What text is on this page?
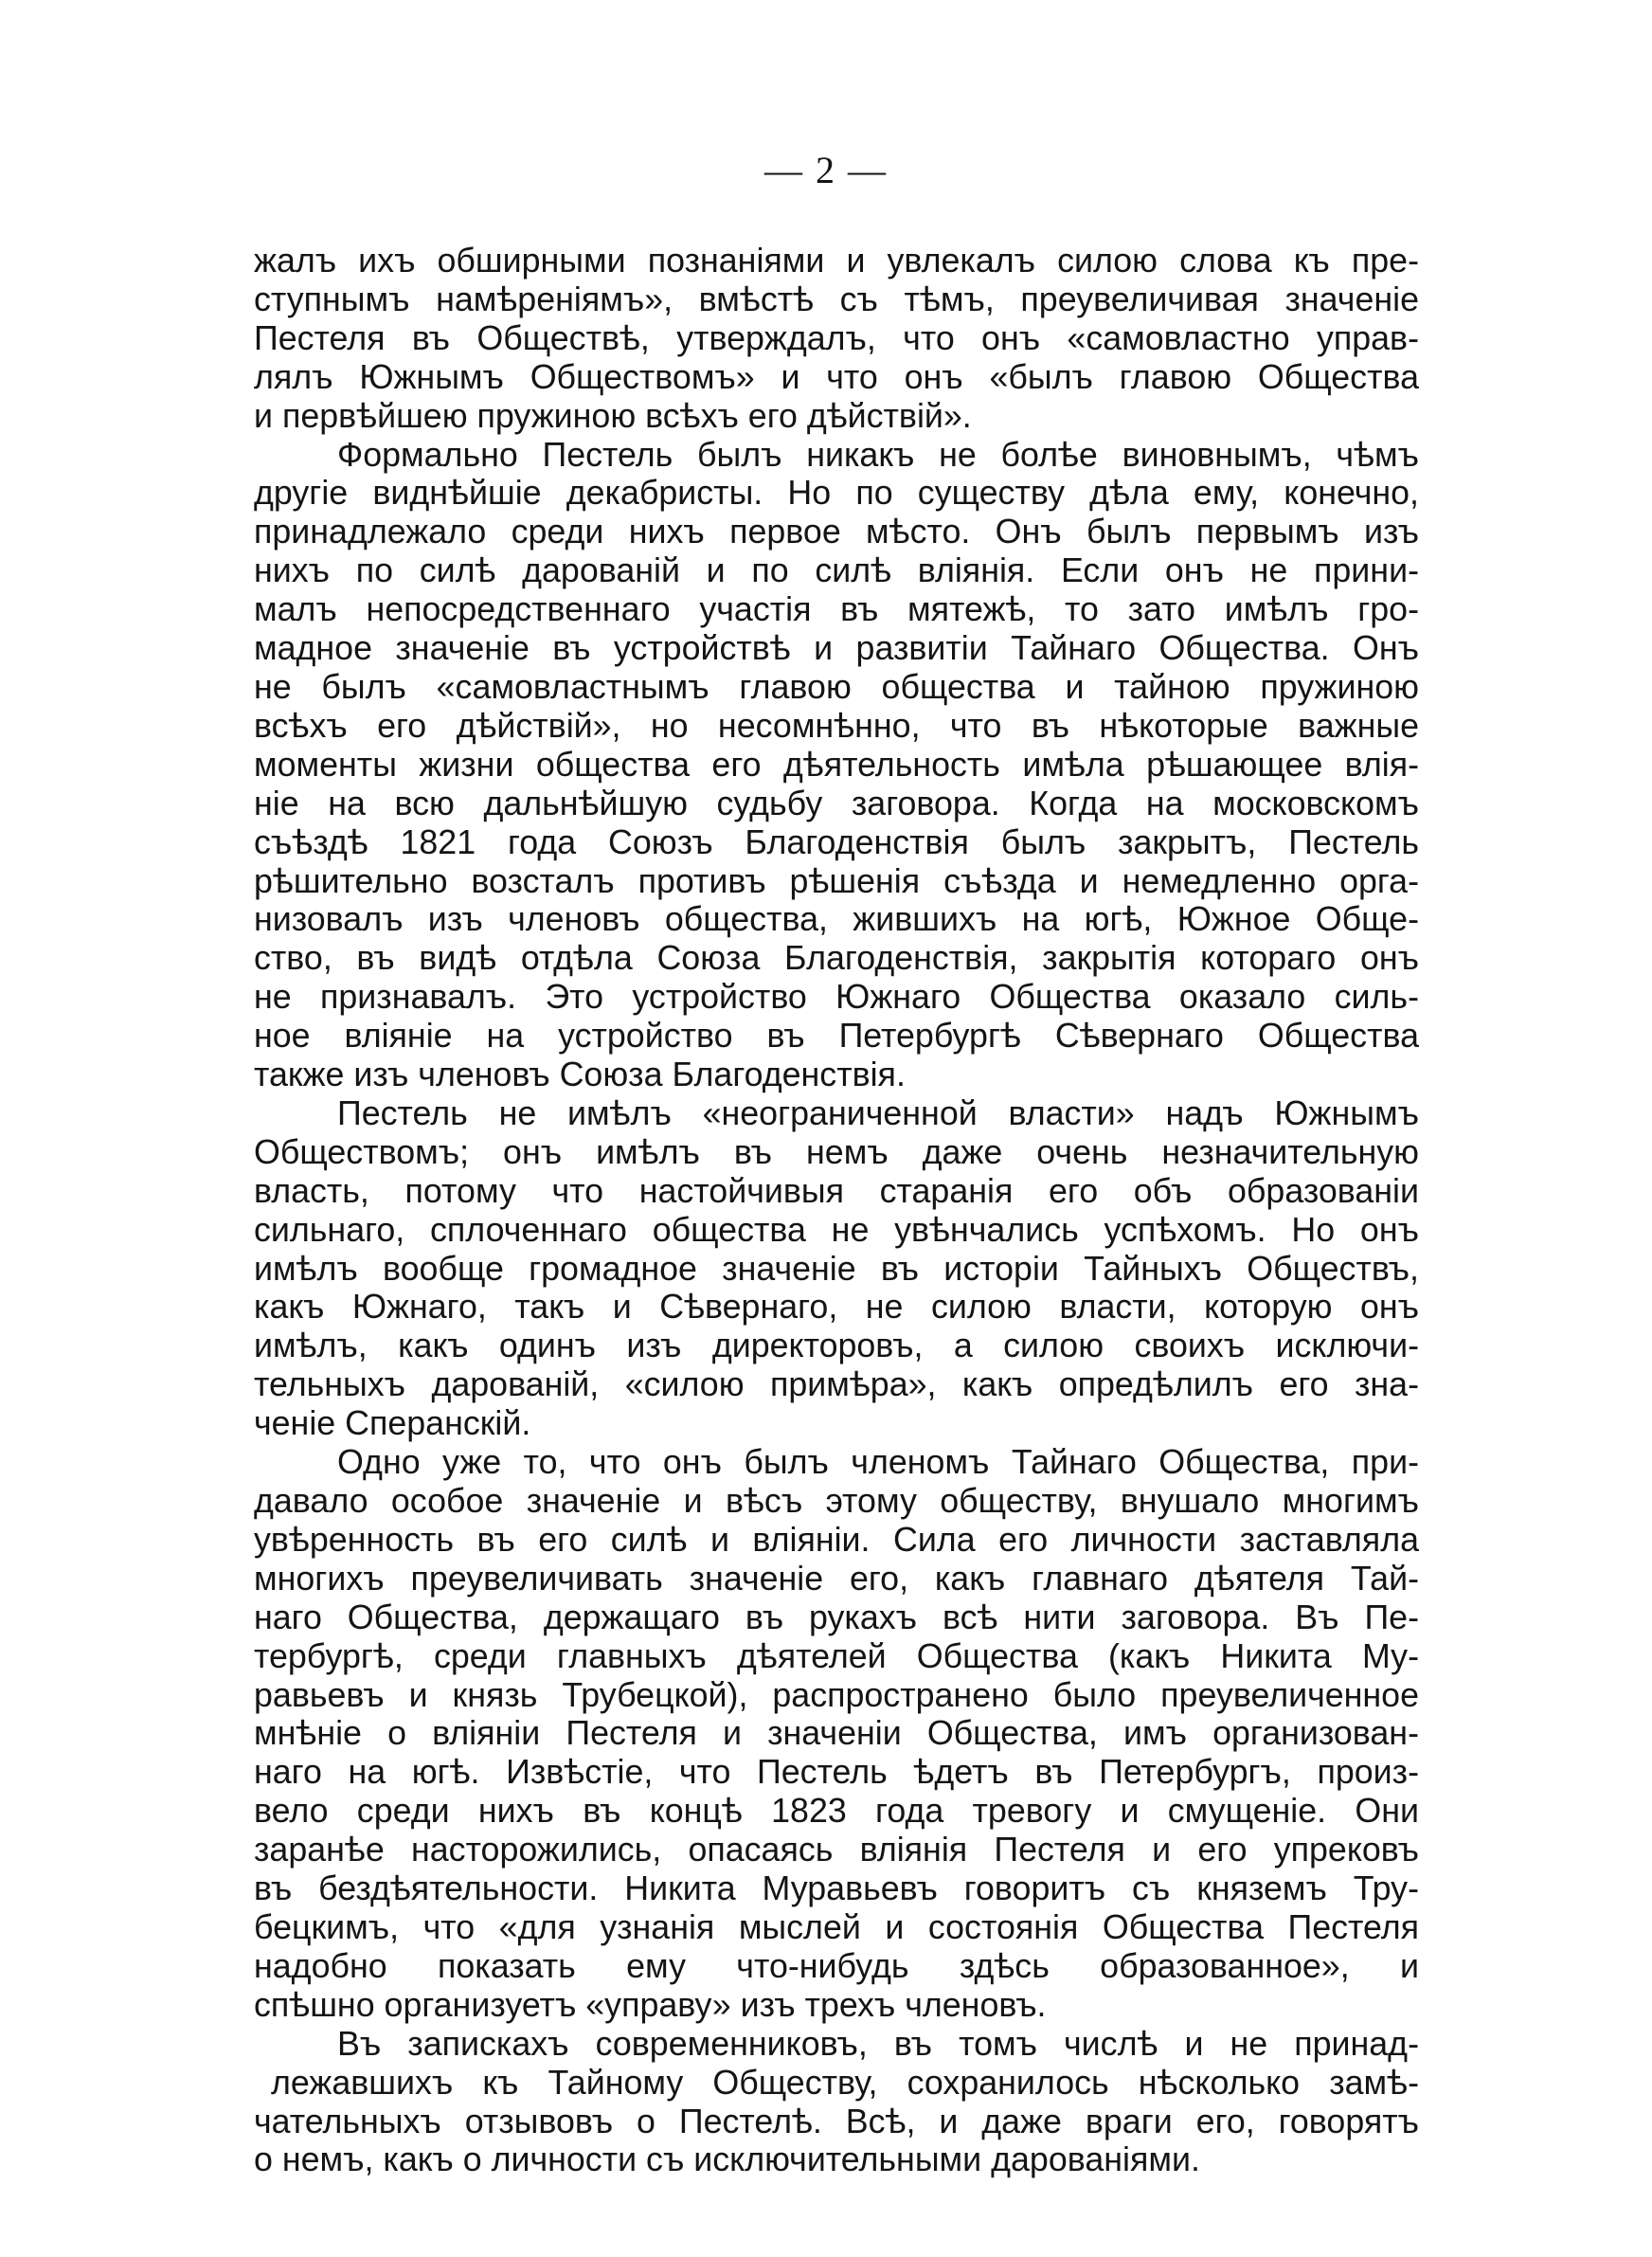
— 2 —
жалъ ихъ обширными познаніями и увлекалъ силою слова къ пре-
ступнымъ намѣреніямъ», вмѣстѣ съ тѣмъ, преувеличивая значеніе
Пестеля въ Обществѣ, утверждалъ, что онъ «самовластно управ-
лялъ Южнымъ Обществомъ» и что онъ «былъ главою Общества
и первѣйшею пружиною всѣхъ его дѣйствій».
Формально Пестель былъ никакъ не болѣе виновнымъ, чѣмъ
другіе виднѣйшіе декабристы. Но по существу дѣла ему, конечно,
принадлежало среди нихъ первое мѣсто. Онъ былъ первымъ изъ
нихъ по силѣ дарованій и по силѣ вліянія. Если онъ не прини-
малъ непосредственнаго участія въ мятежѣ, то зато имѣлъ гро-
мадное значеніе въ устройствѣ и развитіи Тайнаго Общества. Онъ
не былъ «самовластнымъ главою общества и тайною пружиною
всѣхъ его дѣйствій», но несомнѣнно, что въ нѣкоторые важные
моменты жизни общества его дѣятельность имѣла рѣшающее влія-
ніе на всю дальнѣйшую судьбу заговора. Когда на московскомъ
съѣздѣ 1821 года Союзъ Благоденствія былъ закрытъ, Пестель
рѣшительно возсталъ противъ рѣшенія съѣзда и немедленно орга-
низовалъ изъ членовъ общества, жившихъ на югѣ, Южное Обще-
ство, въ видѣ отдѣла Союза Благоденствія, закрытія котораго онъ
не признавалъ. Это устройство Южнаго Общества оказало силь-
ное вліяніе на устройство въ Петербургѣ Сѣвернаго Общества
также изъ членовъ Союза Благоденствія.
Пестель не имѣлъ «неограниченной власти» надъ Южнымъ
Обществомъ; онъ имѣлъ въ немъ даже очень незначительную
власть, потому что настойчивыя старанія его объ образованіи
сильнаго, сплоченнаго общества не увѣнчались успѣхомъ. Но онъ
имѣлъ вообще громадное значеніе въ исторіи Тайныхъ Обществъ,
какъ Южнаго, такъ и Сѣвернаго, не силою власти, которую онъ
имѣлъ, какъ одинъ изъ директоровъ, а силою своихъ исключи-
тельныхъ дарованій, «силою примѣра», какъ опредѣлилъ его зна-
ченіе Сперанскій.
Одно уже то, что онъ былъ членомъ Тайнаго Общества, при-
давало особое значеніе и вѣсъ этому обществу, внушало многимъ
увѣренность въ его силѣ и вліяніи. Сила его личности заставляла
многихъ преувеличивать значеніе его, какъ главнаго дѣятеля Тай-
наго Общества, держащаго въ рукахъ всѣ нити заговора. Въ Пе-
тербургѣ, среди главныхъ дѣятелей Общества (какъ Никита Му-
равьевъ и князь Трубецкой), распространено было преувеличенное
мнѣніе о вліяніи Пестеля и значеніи Общества, имъ организован-
наго на югѣ. Извѣстіе, что Пестель ѣдетъ въ Петербургъ, произ-
вело среди нихъ въ концѣ 1823 года тревогу и смущеніе. Они
заранѣе насторожились, опасаясь вліянія Пестеля и его упрековъ
въ бездѣятельности. Никита Муравьевъ говоритъ съ княземъ Тру-
бецкимъ, что «для узнанія мыслей и состоянія Общества Пестеля
надобно показать ему что-нибудь здѣсь образованное», и
спѣшно организуетъ «управу» изъ трехъ членовъ.
Въ запискахъ современниковъ, въ томъ числѣ и не принад-
лежавшихъ къ Тайному Обществу, сохранилось нѣсколько замѣ-
чательныхъ отзывовъ о Пестелѣ. Всѣ, и даже враги его, говорятъ
о немъ, какъ о личности съ исключительными дарованіями.
